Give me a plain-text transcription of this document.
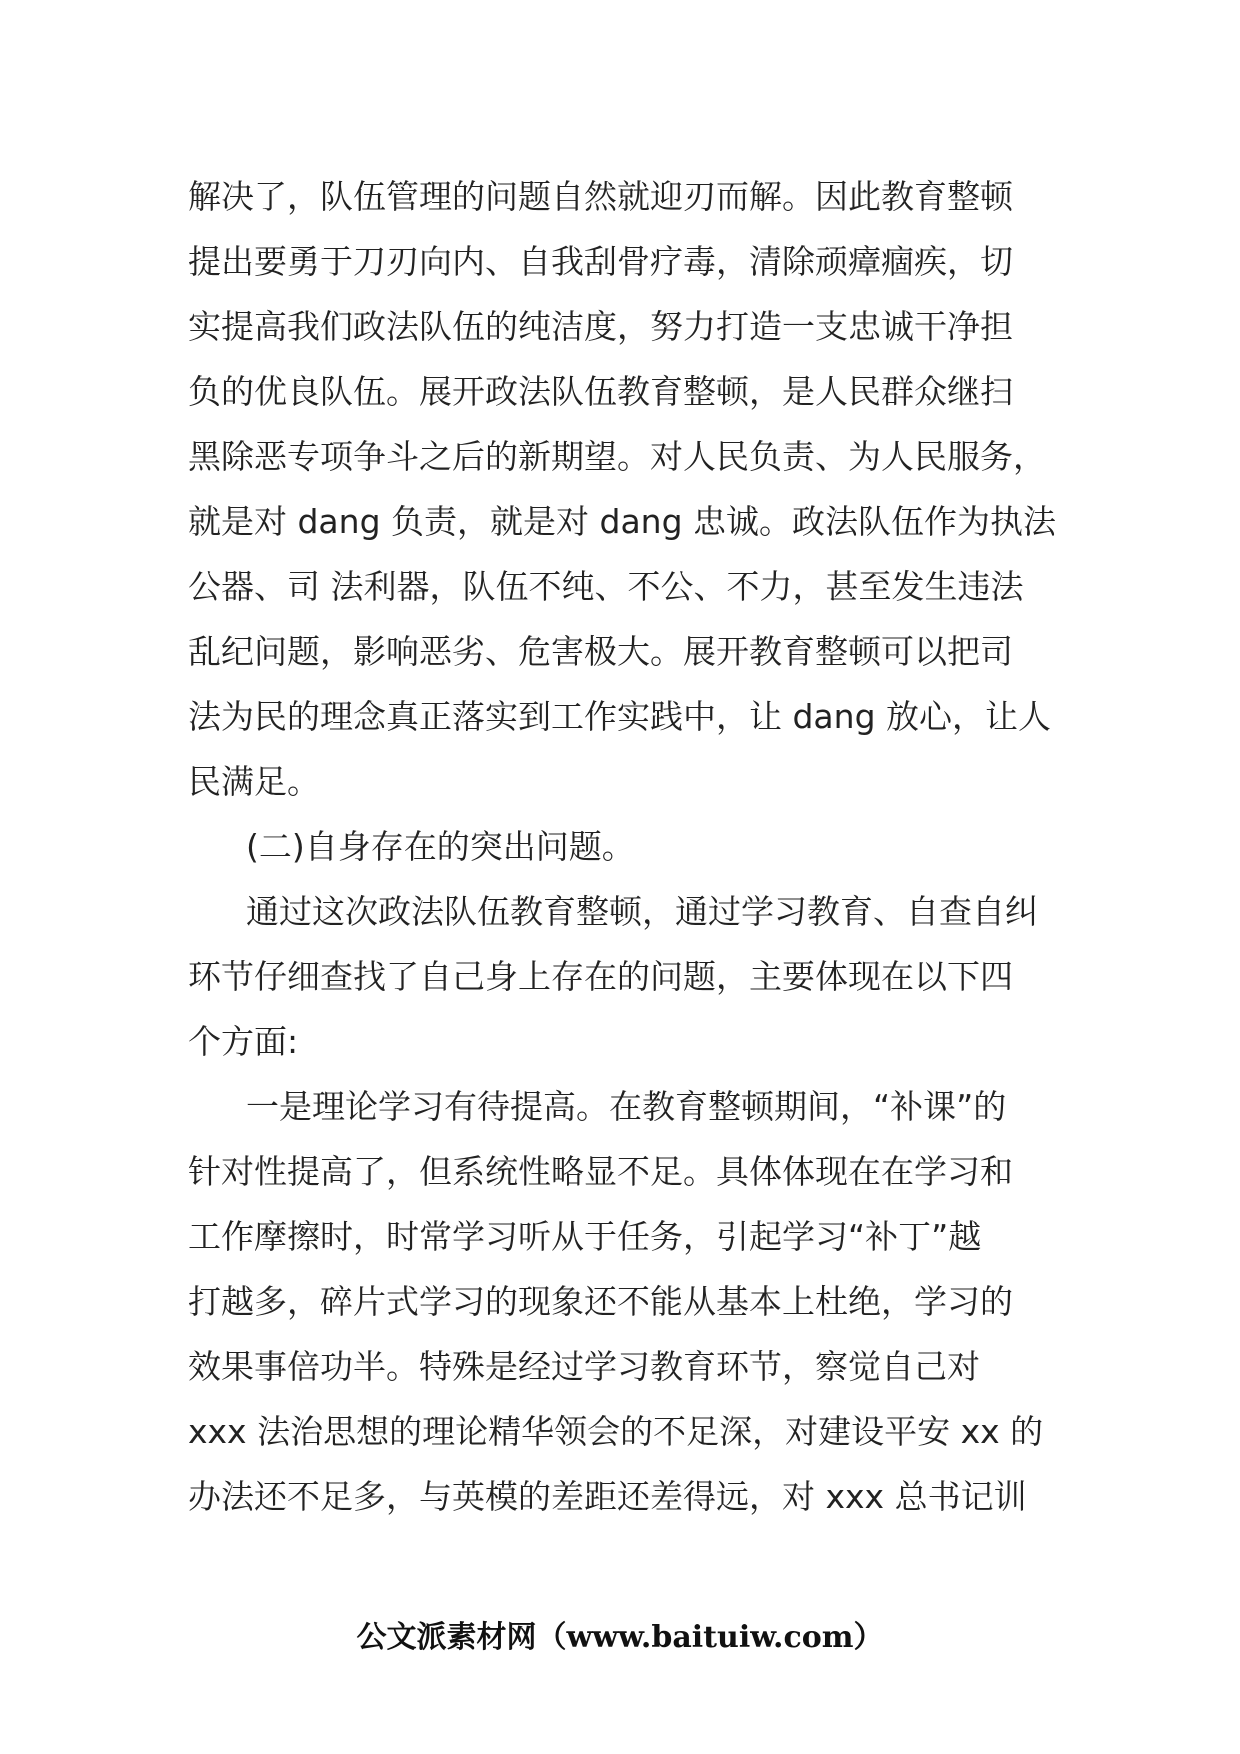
解决了，队伍管理的问题自然就迎刃而解。因此教育整顿
提出要勇于刀刃向内、自我刮骨疗毒，清除顽瘴痼疾，切
实提高我们政法队伍的纯洁度，努力打造一支忠诚干净担
负的优良队伍。展开政法队伍教育整顿，是人民群众继扫
黑除恶专项争斗之后的新期望。对人民负责、为人民服务，
就是对 dang 负责，就是对 dang 忠诚。政法队伍作为执法
公器、司 法利器，队伍不纯、不公、不力，甚至发生违法
乱纪问题，影响恶劣、危害极大。展开教育整顿可以把司
法为民的理念真正落实到工作实践中，让 dang 放心，让人
民满足。
(二)自身存在的突出问题。
通过这次政法队伍教育整顿，通过学习教育、自查自纠
环节仔细查找了自己身上存在的问题，主要体现在以下四
个方面:
一是理论学习有待提高。在教育整顿期间，“补课”的
针对性提高了，但系统性略显不足。具体体现在在学习和
工作摩擦时，时常学习听从于任务，引起学习“补丁”越
打越多，碎片式学习的现象还不能从基本上杜绝，学习的
效果事倍功半。特殊是经过学习教育环节，察觉自己对
xxx 法治思想的理论精华领会的不足深，对建设平安 xx 的
办法还不足多，与英模的差距还差得远，对 xxx 总书记训
公文派素材网（www.baituiw.com）
